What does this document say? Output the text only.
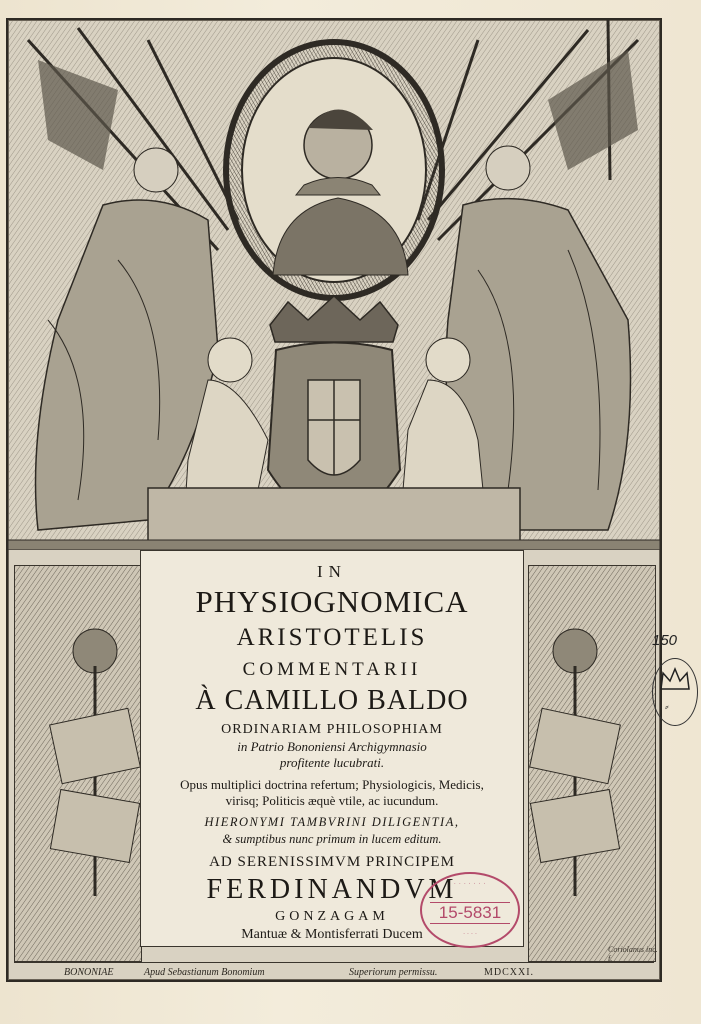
IN
PHYSIOGNOMICA
ARISTOTELIS
COMMENTARII
À CAMILLO BALDO
ORDINARIAM PHILOSOPHIAM
in Patrio Bononiensi Archigymnasio
profitente lucubrati.
Opus multiplici doctrina refertum; Physiologicis, Medicis,
virisq; Politicis æquè vtile, ac iucundum.
HIERONYMI TAMBVRINI DILIGENTIA,
& sumptibus nunc primum in lucem editum.
AD SERENISSIMVM PRINCIPEM
FERDINANDVM
GONZAGAM
Mantuæ & Montisferrati Ducem
Coriolanus inc. f.
BONONIAE	Apud Sebastianum Bonomium	Superiorum permissu.	MDCXXI.
· · · · · · ·
15-5831
· · · ·
150
⸗
